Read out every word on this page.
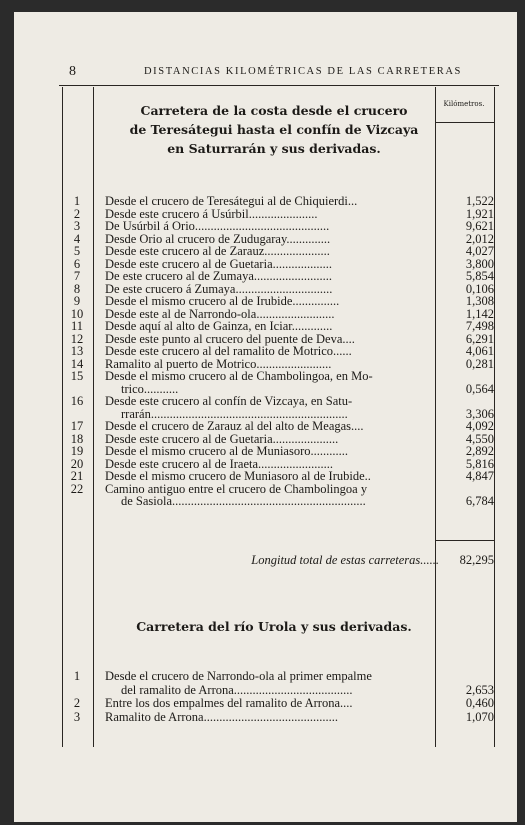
8	DISTANCIAS KILOMÉTRICAS DE LAS CARRETERAS
Kilómetros.
Carretera de la costa desde el crucero
de Teresátegui hasta el confín de Vizcaya
en Saturrarán y sus derivadas.
1	Desde el crucero de Teresátegui al de Chiquierdi...	1,522
2	Desde este crucero á Usúrbil......................	1,921
3	De Usúrbil á Orio...........................................	9,621
4	Desde Orio al crucero de Zudugaray..............	2,012
5	Desde este crucero al de Zarauz.....................	4,027
6	Desde este crucero al de Guetaria...................	3,800
7	De este crucero al de Zumaya.........................	5,854
8	De este crucero á Zumaya...............................	0,106
9	Desde el mismo crucero al de Irubide...............	1,308
10	Desde este al de Narrondo-ola.........................	1,142
11	Desde aquí al alto de Gainza, en Iciar.............	7,498
12	Desde este punto al crucero del puente de Deva....	6,291
13	Desde este crucero al del ramalito de Motrico......	4,061
14	Ramalito al puerto de Motrico........................	0,281
15	Desde el mismo crucero al de Chambolingoa, en Mo-
trico...........	0,564
16	Desde este crucero al confín de Vizcaya, en Satu-
rrarán...............................................................	3,306
17	Desde el crucero de Zarauz al del alto de Meagas....	4,092
18	Desde este crucero al de Guetaria.....................	4,550
19	Desde el mismo crucero al de Muniasoro............	2,892
20	Desde este crucero al de Iraeta........................	5,816
21	Desde el mismo crucero de Muniasoro al de Irubide..	4,847
22	Camino antiguo entre el crucero de Chambolingoa y
de Sasiola..............................................................	6,784
Longitud total de estas carreteras......	82,295
Carretera del río Urola y sus derivadas.
1	Desde el crucero de Narrondo-ola al primer empalme
del ramalito de Arrona......................................	2,653
2	Entre los dos empalmes del ramalito de Arrona....	0,460
3	Ramalito de Arrona...........................................	1,070
